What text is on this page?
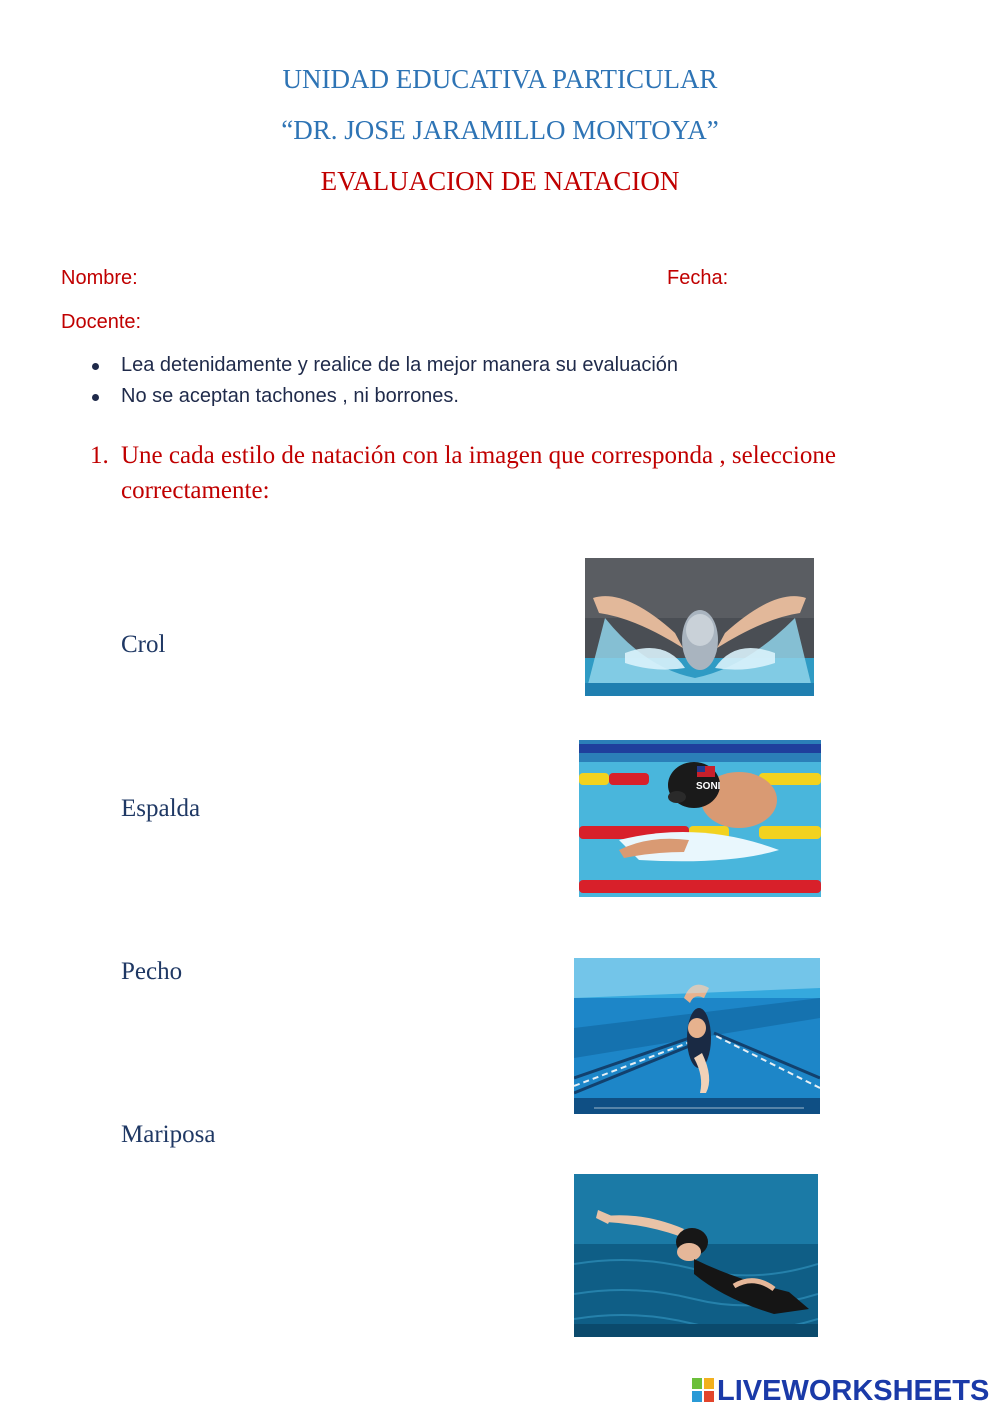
UNIDAD EDUCATIVA PARTICULAR
“DR. JOSE JARAMILLO MONTOYA”
EVALUACION DE NATACION
Nombre:	Fecha:
Docente:
Lea detenidamente y realice de la mejor manera su evaluación
No se aceptan tachones , ni borrones.
1. Une cada estilo de natación con la imagen que corresponda , seleccione correctamente:
Crol
Espalda
Pecho
Mariposa
SONI
LIVEWORKSHEETS
